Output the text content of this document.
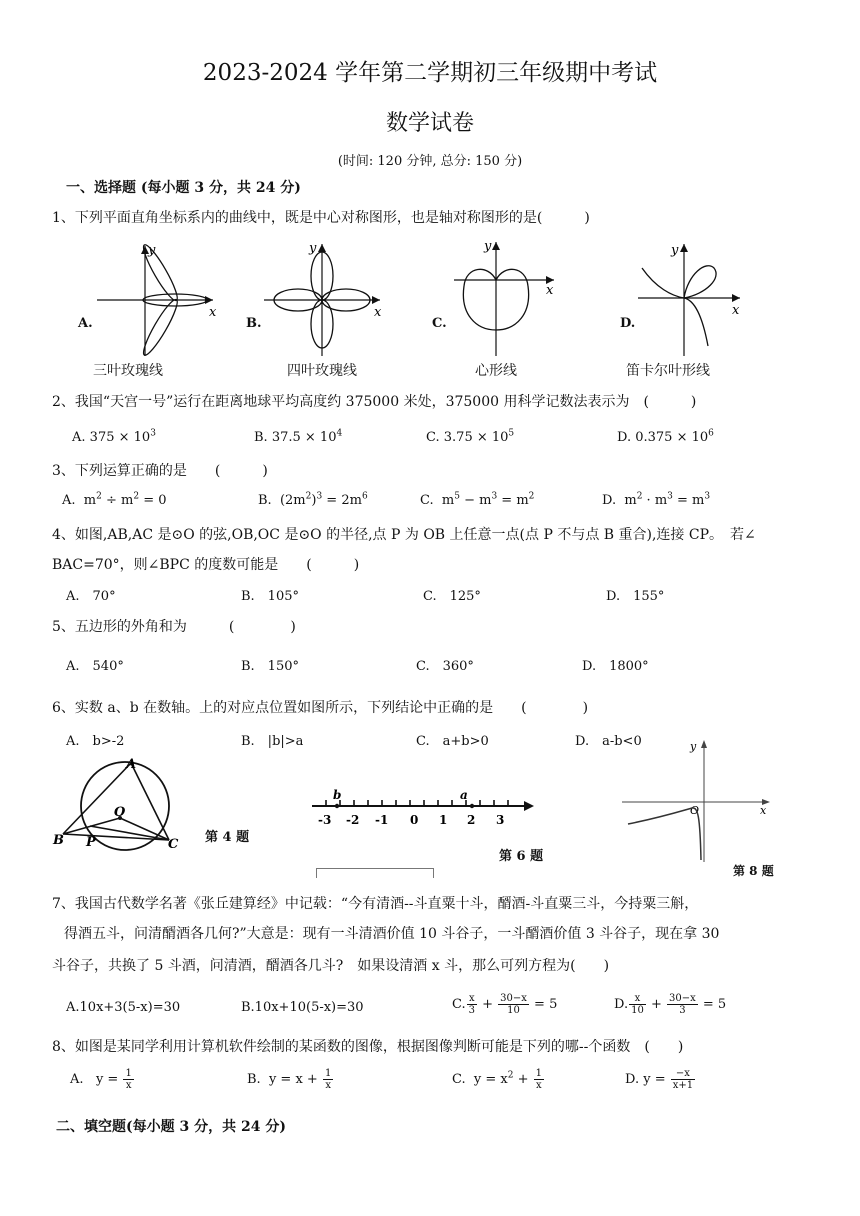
2023-2024 学年第二学期初三年级期中考试
数学试卷
(时间: 120 分钟, 总分: 150 分)
一、选择题 (每小题 3 分，共 24 分)
1、下列平面直角坐标系内的曲线中，既是中心对称图形，也是轴对称图形的是(　　　)
A.
y
x
三叶玫瑰线
B.
y
x
四叶玫瑰线
C.
y
x
心形线
D.
y
x
笛卡尔叶形线
2、我国“天宫一号”运行在距离地球平均高度约 375000 米处，375000 用科学记数法表示为　(　　　)
A. $375 \times 10^3$	B. $37.5 \times 10^4$	C. $3.75 \times 10^5$	D. $0.375 \times 10^6$
3、下列运算正确的是　　(　　　)
A. $m^2 \div m^2 = 0$	B. $(2m^2)^3 = 2m^6$	C. $m^5 - m^3 = m^2$	D. $m^2 \cdot m^3 = m^3$
4、如图,AB,AC 是⊙O 的弦,OB,OC 是⊙O 的半径,点 P 为 OB 上任意一点(点 P 不与点 B 重合),连接 CP。　若∠
BAC=70°，则∠BPC 的度数可能是　　(　　　)
A.　70°	B.　105°	C.　125°	D.　155°
5、五边形的外角和为　　　(　　　　)
A.　540°	B.　150°	C.　360°	D.　1800°
6、实数 a、b 在数轴。上的对应点位置如图所示，下列结论中正确的是　　(　　　　)
A.　b>-2	B.　|b|>a	C.　a+b>0	D.　a-b<0
A
O
B P	C 第 4 题
b	a
-3 -2 -1 0 1 2 3
第 6 题
y
O	x
第 8 题
7、我国古代数学名著《张丘建算经》中记载：“今有清酒--斗直粟十斗，醑酒-斗直粟三斗，今持粟三斛，
得酒五斗，问清醑酒各几何?”大意是：现有一斗清酒价值 10 斗谷子，一斗醑酒价值 3 斗谷子，现在拿 30
斗谷子，共换了 5 斗酒，问清酒，醑酒各几斗?　如果设清酒 x 斗，那么可列方程为(　　)
A.10x+3(5-x)=30	B.10x+10(5-x)=30	C. $\frac{x}{3} + \frac{30-x}{10} = 5$	D. $\frac{x}{10} + \frac{30-x}{3} = 5$
8、如图是某同学利用计算机软件绘制的某函数的图像，根据图像判断可能是下列的哪--个函数　(　　)
A. $y = \frac{1}{x}$	B. $y = x + \frac{1}{x}$	C. $y = x^2 + \frac{1}{x}$	D. $y = \frac{-x}{x+1}$
二、填空题(每小题 3 分，共 24 分)
